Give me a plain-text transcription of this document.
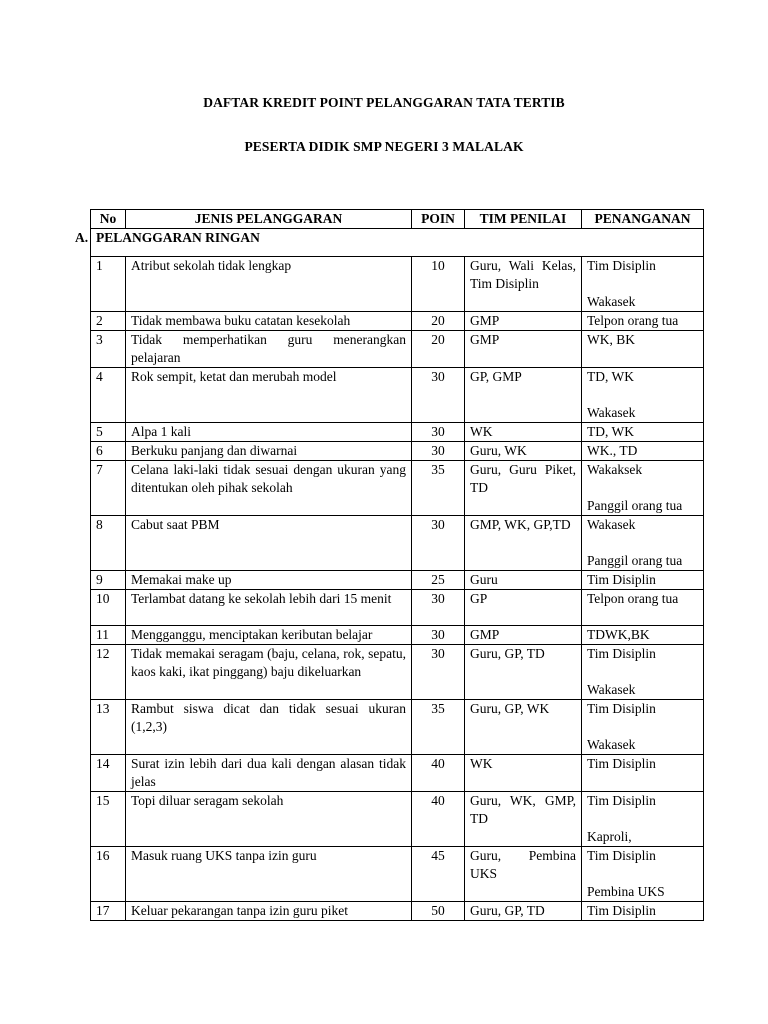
DAFTAR KREDIT POINT PELANGGARAN TATA TERTIB
PESERTA DIDIK SMP NEGERI 3 MALALAK
A.
No	JENIS PELANGGARAN	POIN	TIM PENILAI	PENANGANAN
PELANGGARAN RINGAN				
1	Atribut sekolah tidak lengkap	10	Guru, Wali Kelas, Tim Disiplin	Tim Disiplin
Wakasek

2	Tidak membawa buku catatan kesekolah	20	GMP	Telpon orang tua

3	Tidak memperhatikan guru menerangkan pelajaran	20	GMP	WK, BK

4	Rok sempit, ketat dan merubah model	30	GP, GMP	TD, WK
Wakasek

5	Alpa 1 kali	30	WK	TD, WK

6	Berkuku panjang dan diwarnai	30	Guru, WK	WK., TD

7	Celana laki-laki tidak sesuai dengan ukuran yang ditentukan oleh pihak sekolah	35	Guru, Guru Piket, TD	Wakaksek
Panggil orang tua

8	Cabut saat PBM	30	GMP, WK, GP,TD	Wakasek
Panggil orang tua

9	Memakai make up	25	Guru	Tim Disiplin

10	Terlambat datang ke sekolah lebih dari 15 menit	30	GP	Telpon orang tua

11	Mengganggu, menciptakan keributan belajar	30	GMP	TDWK,BK

12	Tidak memakai seragam (baju, celana, rok, sepatu, kaos kaki, ikat pinggang) baju dikeluarkan	30	Guru, GP, TD	Tim Disiplin
Wakasek

13	Rambut siswa dicat dan tidak sesuai ukuran (1,2,3)	35	Guru, GP, WK	Tim Disiplin
Wakasek

14	Surat izin lebih dari dua kali dengan alasan tidak jelas	40	WK	Tim Disiplin

15	Topi diluar seragam sekolah	40	Guru, WK, GMP, TD	Tim Disiplin
Kaproli,

16	Masuk ruang UKS tanpa izin guru	45	Guru, Pembina UKS	Tim Disiplin
Pembina UKS

17	Keluar pekarangan tanpa izin guru piket	50	Guru, GP, TD	Tim Disiplin
